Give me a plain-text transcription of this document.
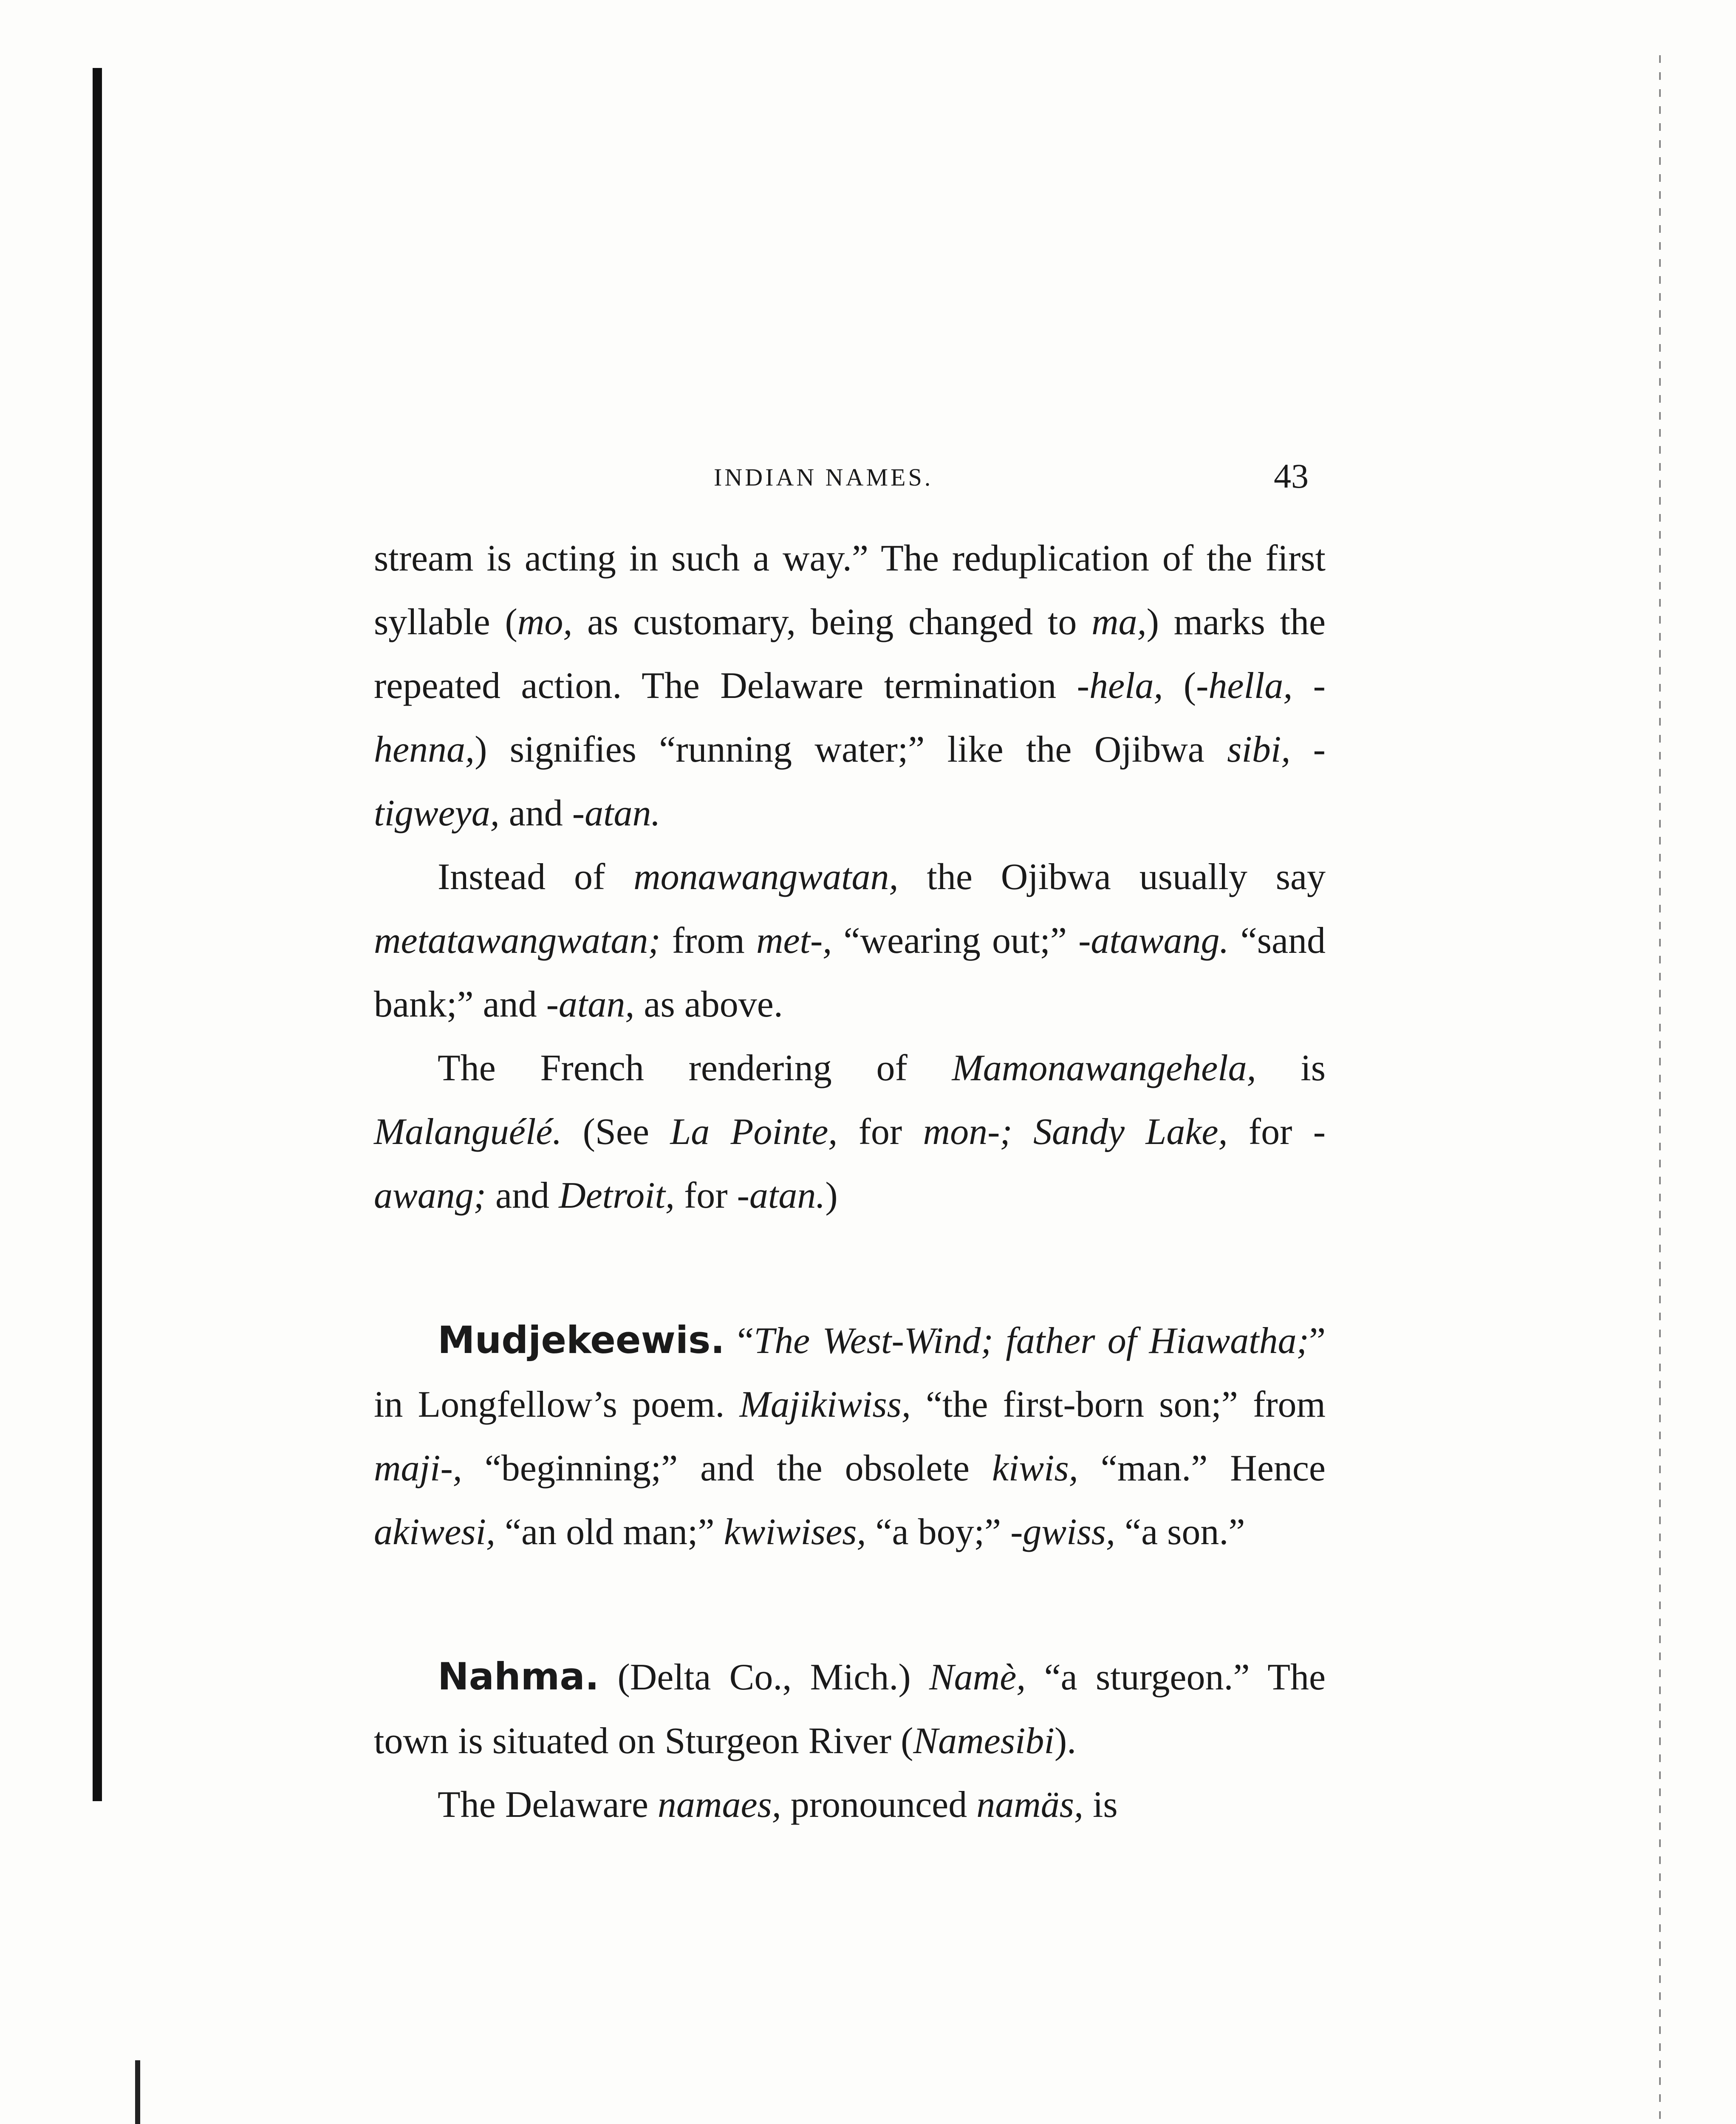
INDIAN NAMES.	43

stream is acting in such a way.” The reduplication of the first syllable (mo, as customary, being changed to ma,) marks the repeated action. The Delaware termination -hela, (-hella, -henna,) signifies “running water;” like the Ojibwa sibi, -tigweya, and -atan.

Instead of monawangwatan, the Ojibwa usually say metatawangwatan; from met-, “wearing out;” -atawang. “sand bank;” and -atan, as above.

The French rendering of Mamonawangehela, is Malanguélé. (See La Pointe, for mon-; Sandy Lake, for -awang; and Detroit, for -atan.)

Mudjekeewis. “The West-Wind; father of Hiawatha;” in Longfellow’s poem. Majikiwiss, “the first-born son;” from maji-, “beginning;” and the obsolete kiwis, “man.” Hence akiwesi, “an old man;” kwiwises, “a boy;” -gwiss, “a son.”

Nahma. (Delta Co., Mich.) Namè, “a sturgeon.” The town is situated on Sturgeon River (Namesibi).

The Delaware namaes, pronounced namäs, is
